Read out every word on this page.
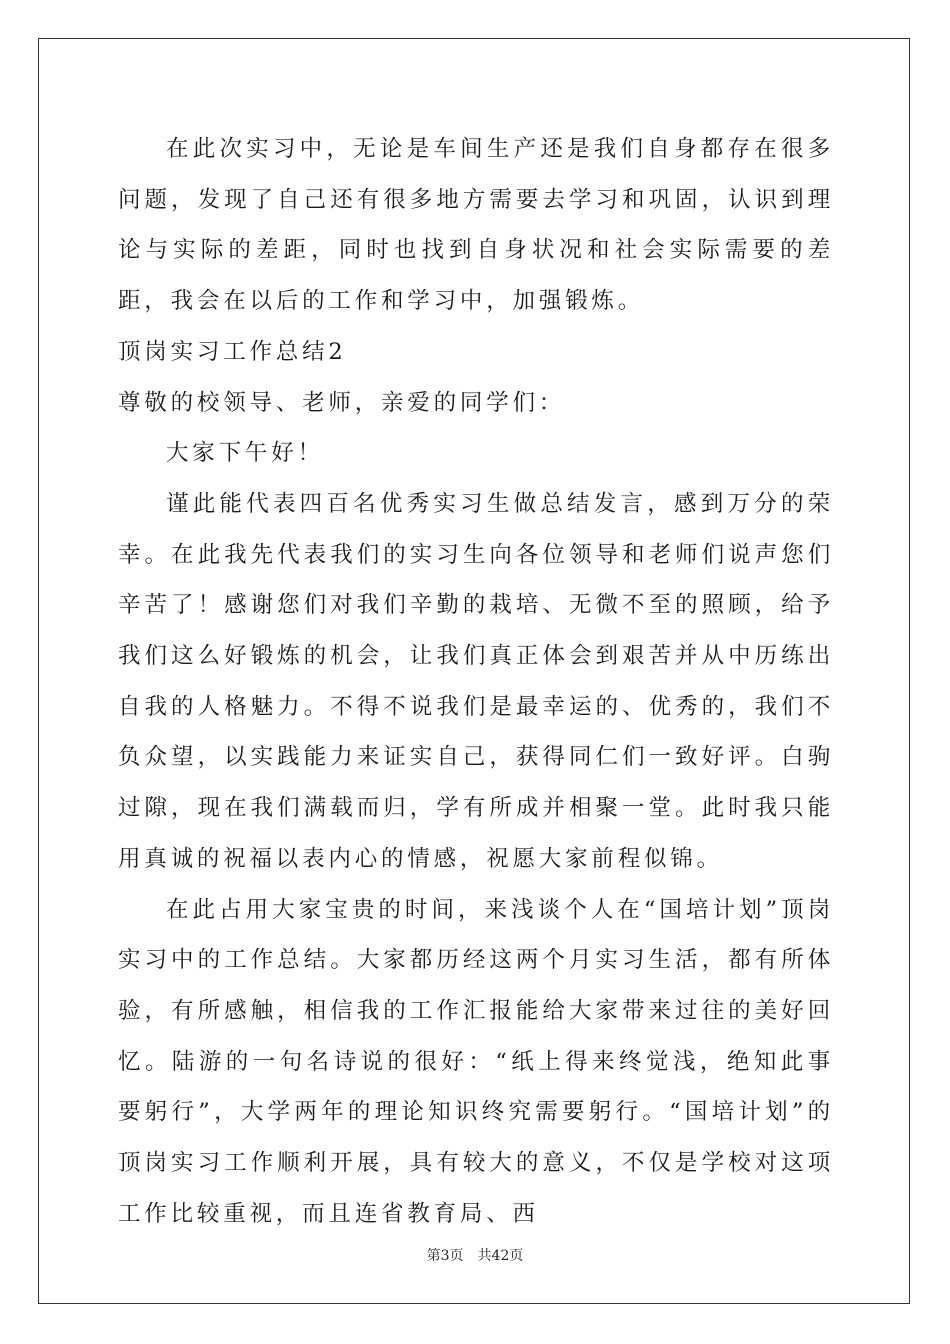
在此次实习中，无论是车间生产还是我们自身都存在很多问题，发现了自己还有很多地方需要去学习和巩固，认识到理论与实际的差距，同时也找到自身状况和社会实际需要的差距，我会在以后的工作和学习中，加强锻炼。

顶岗实习工作总结2

尊敬的校领导、老师，亲爱的同学们：

大家下午好！

谨此能代表四百名优秀实习生做总结发言，感到万分的荣幸。在此我先代表我们的实习生向各位领导和老师们说声您们辛苦了！感谢您们对我们辛勤的栽培、无微不至的照顾，给予我们这么好锻炼的机会，让我们真正体会到艰苦并从中历练出自我的人格魅力。不得不说我们是最幸运的、优秀的，我们不负众望，以实践能力来证实自己，获得同仁们一致好评。白驹过隙，现在我们满载而归，学有所成并相聚一堂。此时我只能用真诚的祝福以表内心的情感，祝愿大家前程似锦。

在此占用大家宝贵的时间，来浅谈个人在“国培计划”顶岗实习中的工作总结。大家都历经这两个月实习生活，都有所体验，有所感触，相信我的工作汇报能给大家带来过往的美好回忆。陆游的一句名诗说的很好：“纸上得来终觉浅，绝知此事要躬行”，大学两年的理论知识终究需要躬行。“国培计划”的顶岗实习工作顺利开展，具有较大的意义，不仅是学校对这项工作比较重视，而且连省教育局、西

第3页 共42页
